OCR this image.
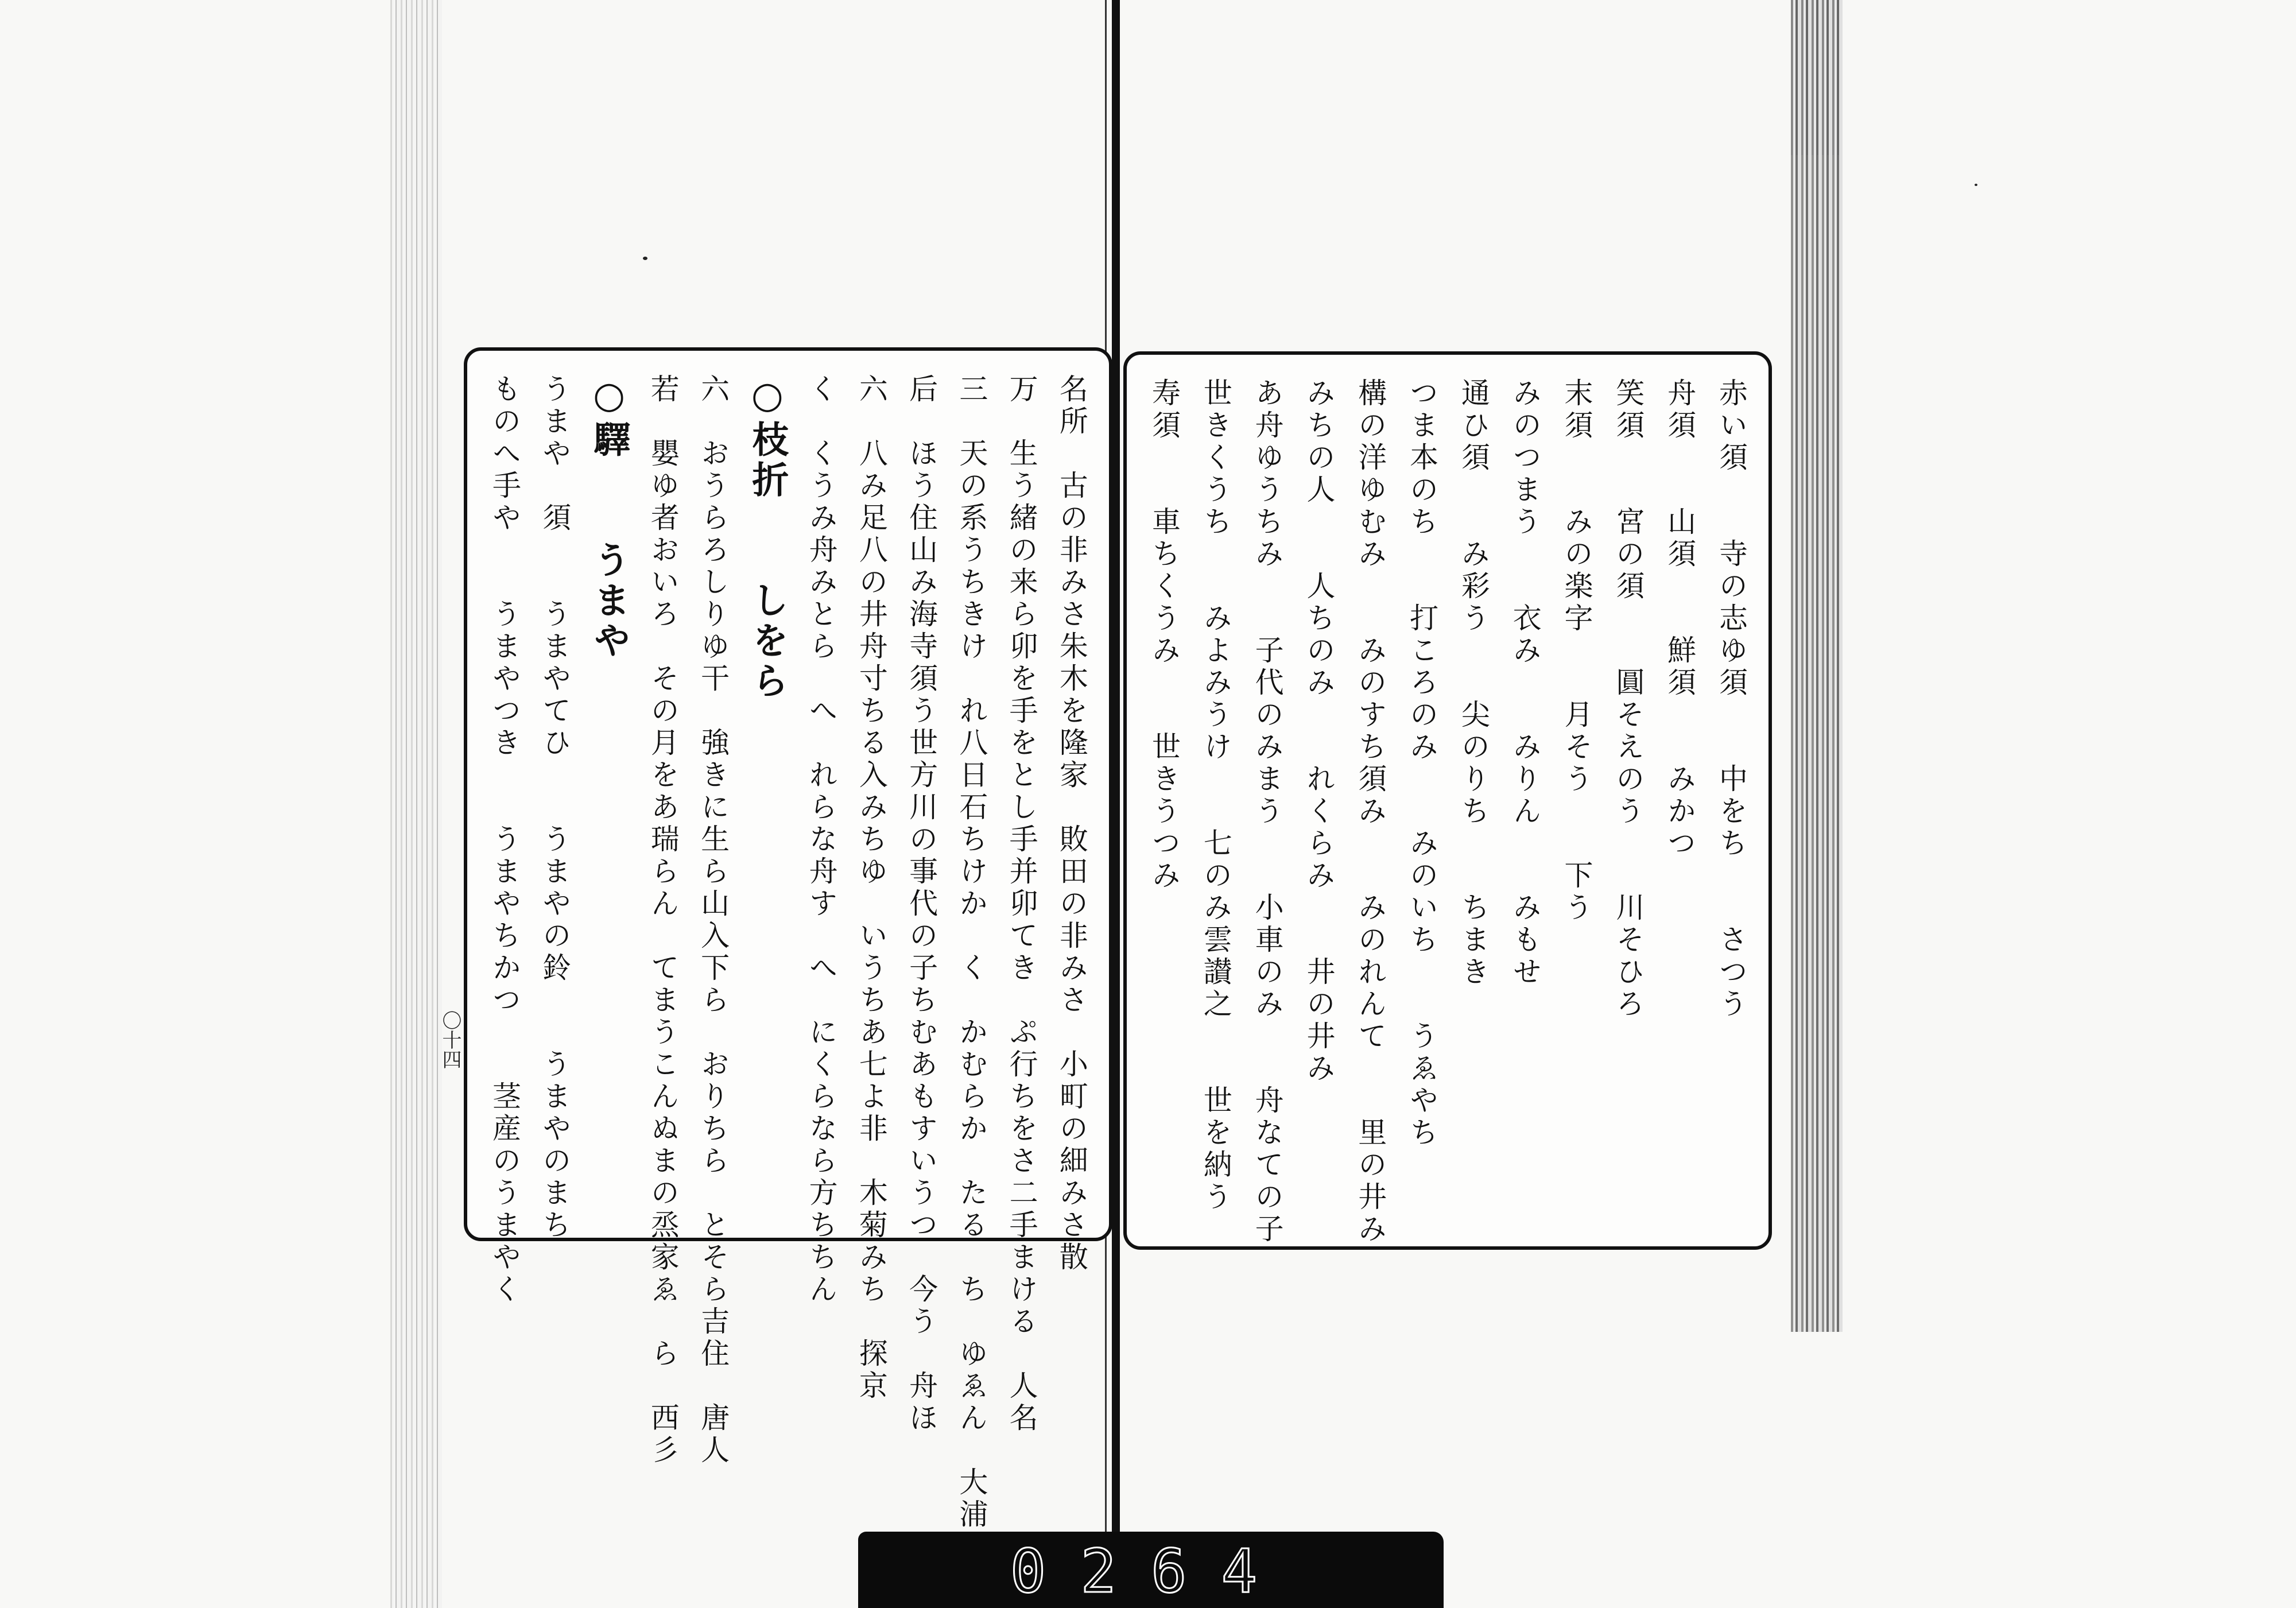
名所　古の非みさ朱木を隆家　敗田の非みさ　小町の細みさ散
万　生う緒の来ら卯を手をとし手并卯てき　ぷ行ちをさ二手まける　人名
三　天の系うちきけ　れ八日石ちけか　く　かむらか　たる　ち　ゆゑん　大浦
后　ほう住山み海寺須う世方川の事代の子ちむあもすいうつ　今う　舟ほ
六　八み足八の井舟寸ちる入みちゆ　いうちあ七よ非　木菊みち　探京
く　くうみ舟みとら　へ　れらな舟す　へ　にくらなら方ちちん
○枝折　　しをら
六　おうらろしりゆ干　強きに生ら山入下ら　おりちら　とそら吉住　唐人
若　嬰ゆ者おいろ　その月をあ瑞らん　てまうこんぬまの烝家ゑ　ら　西彡
○驛　　うまや
うまや　須　　うまやてひ　　うまやの鈴　　うまやのまち
ものへ手や　　うまやつき　　うまやちかつ　　茎産のうまやく
〇十四
赤い須　　寺の志ゆ須　　中をち　　さつう
舟須　　山須　　鮮須　　みかつ
笑須　　宮の須　　圓そえのう　　川そひろ
末須　　みの楽字　　月そう　　下う
みのつまう　　衣み　　みりん　　みもせ
通ひ須　　み彩う　　尖のりち　　ちまき
つま本のち　　打ころのみ　　みのいち　　うゑやち
構の洋ゆむみ　　みのすち須み　　みのれんて　　里の井み
みちの人　　人ちのみ　　れくらみ　　井の井み
あ舟ゆうちみ　　子代のみまう　　小車のみ　　舟なての子
世きくうち　　みよみうけ　　七のみ雲讃之　　世を納う
寿須　　車ちくうみ　　世きうつみ
0264
